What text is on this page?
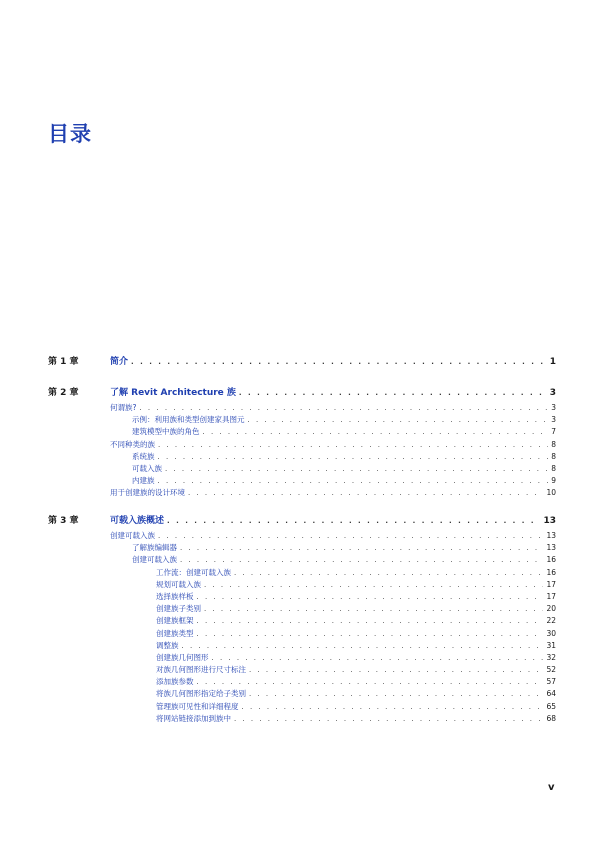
目录
第 1 章	简介 . . .	1
第 2 章	了解 Revit Architecture 族 . . .	3
何谓族? . . .	3
示例：利用族和类型创建家具图元 . . .	3
建筑模型中族的角色 . . .	7
不同种类的族 . . .	8
系统族 . . .	8
可载入族 . . .	8
内建族 . . .	9
用于创建族的设计环境 . . .	10
第 3 章	可载入族概述 . . .	13
创建可载入族 . . .	13
了解族编辑器 . . .	13
创建可载入族 . . .	16
工作流：创建可载入族 . . .	16
规划可载入族 . . .	17
选择族样板 . . .	17
创建族子类别 . . .	20
创建族框架 . . .	22
创建族类型 . . .	30
调整族 . . .	31
创建族几何图形 . . .	32
对族几何图形进行尺寸标注 . . .	52
添加族参数 . . .	57
将族几何图形指定给子类别 . . .	64
管理族可见性和详细程度 . . .	65
将网站链接添加到族中 . . .	68
v
